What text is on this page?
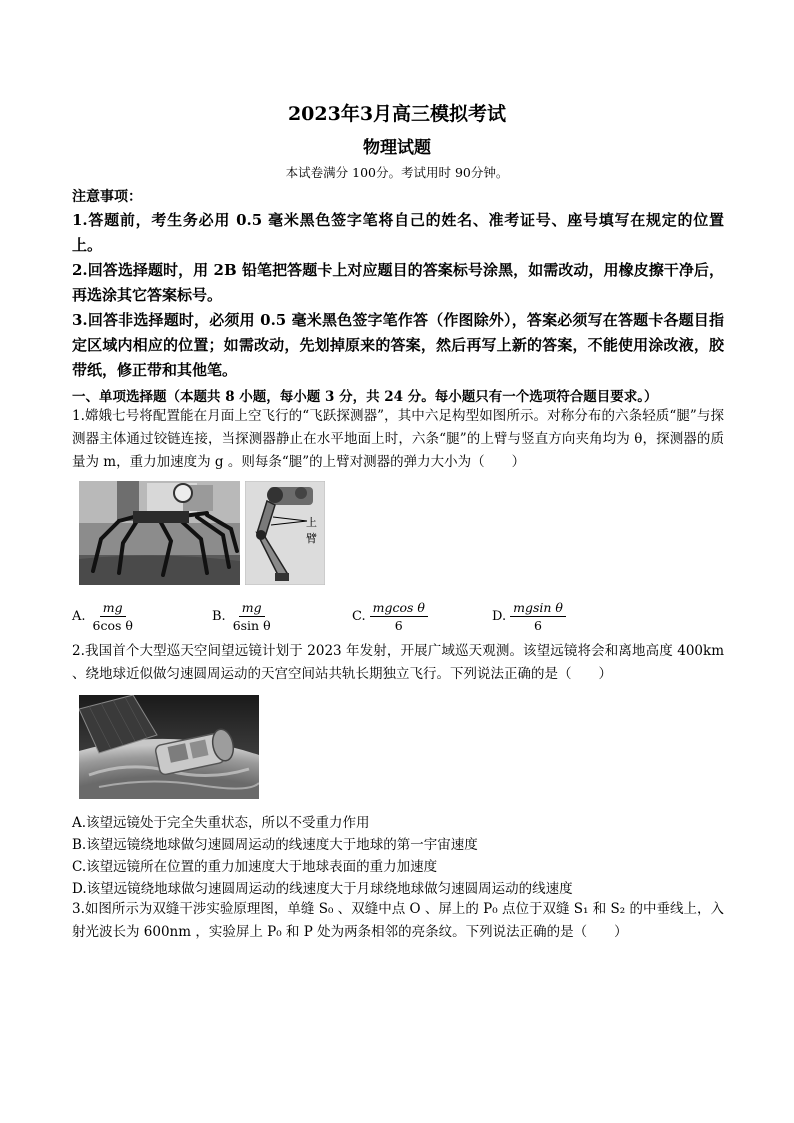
2023年3月高三模拟考试
物理试题
本试卷满分 100分。考试用时 90分钟。
注意事项：
1.答题前，考生务必用 0.5 毫米黑色签字笔将自己的姓名、准考证号、座号填写在规定的位置上。
2.回答选择题时，用 2B 铅笔把答题卡上对应题目的答案标号涂黑，如需改动，用橡皮擦干净后，再选涂其它答案标号。
3.回答非选择题时，必须用 0.5 毫米黑色签字笔作答（作图除外），答案必须写在答题卡各题目指定区域内相应的位置；如需改动，先划掉原来的答案，然后再写上新的答案，不能使用涂改液，胶带纸，修正带和其他笔。
一、单项选择题（本题共 8 小题，每小题 3 分，共 24 分。每小题只有一个选项符合题目要求。）
1.嫦娥七号将配置能在月面上空飞行的“飞跃探测器”，其中六足构型如图所示。对称分布的六条轻质“腿”与探测器主体通过铰链连接，当探测器静止在水平地面上时，六条“腿”的上臂与竖直方向夹角均为 θ，探测器的质量为 m，重力加速度为 g 。则每条“腿”的上臂对测器的弹力大小为（　　）
上臂
A. $\frac{mg}{\text{6cos θ}}$	B. $\frac{mg}{\text{6sin θ}}$	C. $\frac{\text{mgcos θ}}{6}$	D. $\frac{\text{mgsin θ}}{6}$
2.我国首个大型巡天空间望远镜计划于 2023 年发射，开展广域巡天观测。该望远镜将会和离地高度 400km 、绕地球近似做匀速圆周运动的天宫空间站共轨长期独立飞行。下列说法正确的是（　　）
A.该望远镜处于完全失重状态，所以不受重力作用
B.该望远镜绕地球做匀速圆周运动的线速度大于地球的第一宇宙速度
C.该望远镜所在位置的重力加速度大于地球表面的重力加速度
D.该望远镜绕地球做匀速圆周运动的线速度大于月球绕地球做匀速圆周运动的线速度
3.如图所示为双缝干涉实验原理图，单缝 S₀ 、双缝中点 O 、屏上的 P₀ 点位于双缝 S₁ 和 S₂ 的中垂线上，入射光波长为 600nm ，实验屏上 P₀ 和 P 处为两条相邻的亮条纹。下列说法正确的是（　　）
